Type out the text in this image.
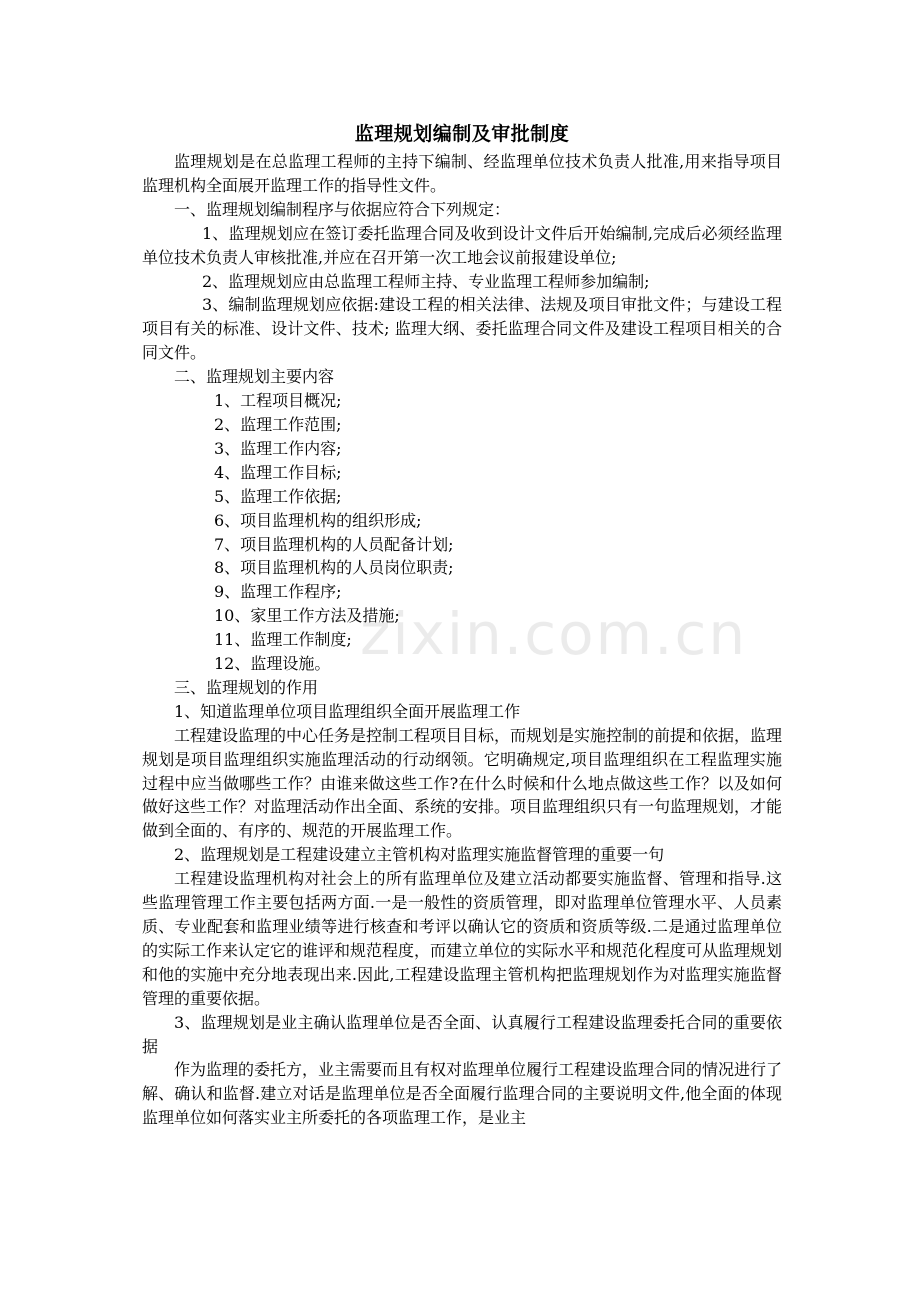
监理规划编制及审批制度

监理规划是在总监理工程师的主持下编制、经监理单位技术负责人批准,用来指导项目监理机构全面展开监理工作的指导性文件。

一、监理规划编制程序与依据应符合下列规定：

1、监理规划应在签订委托监理合同及收到设计文件后开始编制,完成后必须经监理单位技术负责人审核批准,并应在召开第一次工地会议前报建设单位;

2、监理规划应由总监理工程师主持、专业监理工程师参加编制;

3、编制监理规划应依据:建设工程的相关法律、法规及项目审批文件；与建设工程项目有关的标准、设计文件、技术; 监理大纲、委托监理合同文件及建设工程项目相关的合同文件。

二、监理规划主要内容

1、工程项目概况;

2、监理工作范围;

3、监理工作内容;

4、监理工作目标;

5、监理工作依据;

6、项目监理机构的组织形成;

7、项目监理机构的人员配备计划;

8、项目监理机构的人员岗位职责;

9、监理工作程序;

10、家里工作方法及措施;

11、监理工作制度;

12、监理设施。

三、监理规划的作用

1、知道监理单位项目监理组织全面开展监理工作

工程建设监理的中心任务是控制工程项目目标，而规划是实施控制的前提和依据，监理规划是项目监理组织实施监理活动的行动纲领。它明确规定,项目监理组织在工程监理实施过程中应当做哪些工作？由谁来做这些工作?在什么时候和什么地点做这些工作？以及如何做好这些工作？对监理活动作出全面、系统的安排。项目监理组织只有一句监理规划，才能做到全面的、有序的、规范的开展监理工作。

2、监理规划是工程建设建立主管机构对监理实施监督管理的重要一句

工程建设监理机构对社会上的所有监理单位及建立活动都要实施监督、管理和指导.这些监理管理工作主要包括两方面.一是一般性的资质管理，即对监理单位管理水平、人员素质、专业配套和监理业绩等进行核查和考评以确认它的资质和资质等级.二是通过监理单位的实际工作来认定它的谁评和规范程度，而建立单位的实际水平和规范化程度可从监理规划和他的实施中充分地表现出来.因此,工程建设监理主管机构把监理规划作为对监理实施监督管理的重要依据。

3、监理规划是业主确认监理单位是否全面、认真履行工程建设监理委托合同的重要依据

作为监理的委托方，业主需要而且有权对监理单位履行工程建设监理合同的情况进行了解、确认和监督.建立对话是监理单位是否全面履行监理合同的主要说明文件,他全面的体现监理单位如何落实业主所委托的各项监理工作，是业主

zixin.com.cn
